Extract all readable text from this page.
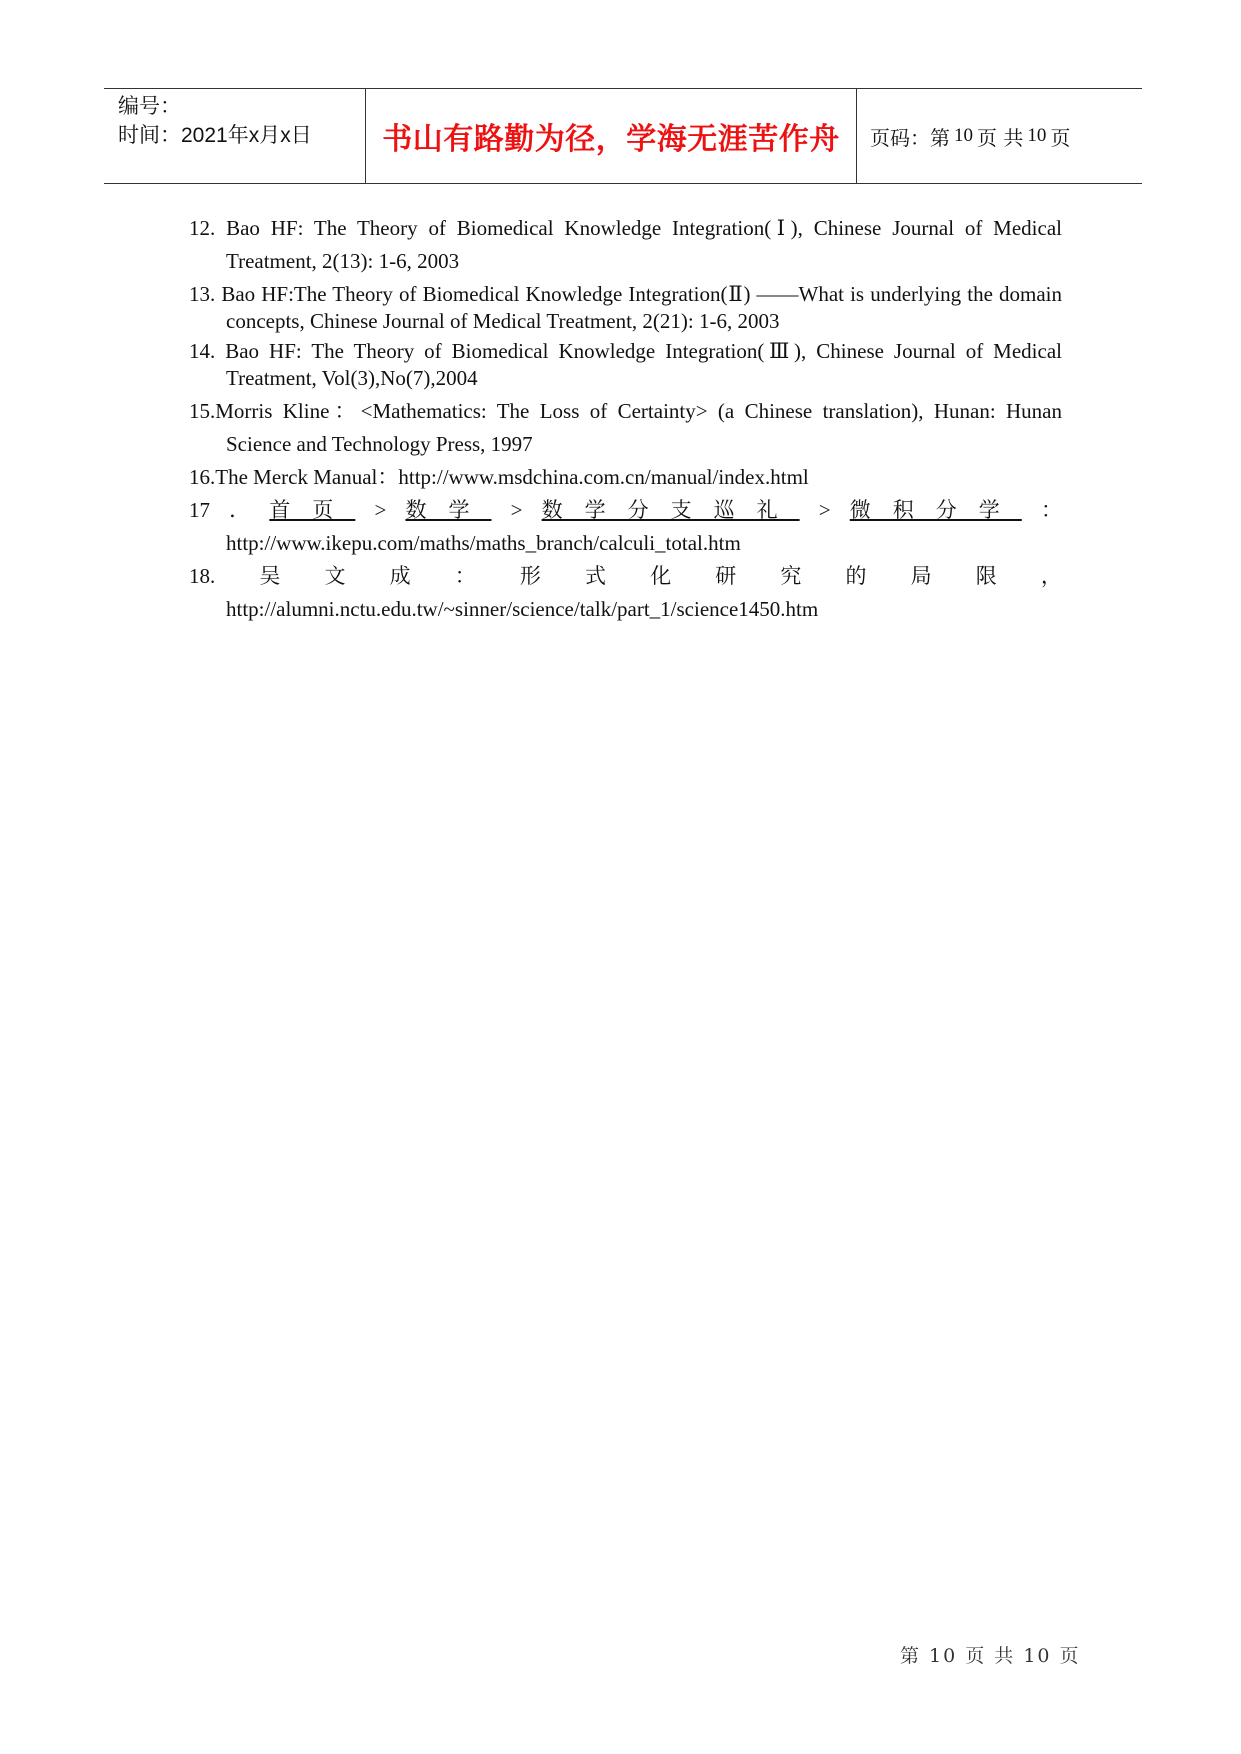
编号：
时间：2021年x月x日	书山有路勤为径，学海无涯苦作舟	页码：第 10 页 共 10 页
12. Bao HF: The Theory of Biomedical Knowledge Integration(Ⅰ), Chinese Journal of Medical Treatment, 2(13): 1-6, 2003
13. Bao HF:The Theory of Biomedical Knowledge Integration(Ⅱ) ——What is underlying the domain concepts, Chinese Journal of Medical Treatment, 2(21): 1-6, 2003
14. Bao HF: The Theory of Biomedical Knowledge Integration(Ⅲ), Chinese Journal of Medical Treatment, Vol(3),No(7),2004
15.Morris Kline：<Mathematics: The Loss of Certainty> (a Chinese translation), Hunan: Hunan Science and Technology Press, 1997
16.The Merck Manual：http://www.msdchina.com.cn/manual/index.html
17 ． 首页 > 数学 > 数学分支巡礼 > 微积分学 ：
http://www.ikepu.com/maths/maths_branch/calculi_total.htm
18. 吴 文 成 ： 形 式 化 研 究 的 局 限 ，
http://alumni.nctu.edu.tw/~sinner/science/talk/part_1/science1450.htm
第 10 页 共 10 页
